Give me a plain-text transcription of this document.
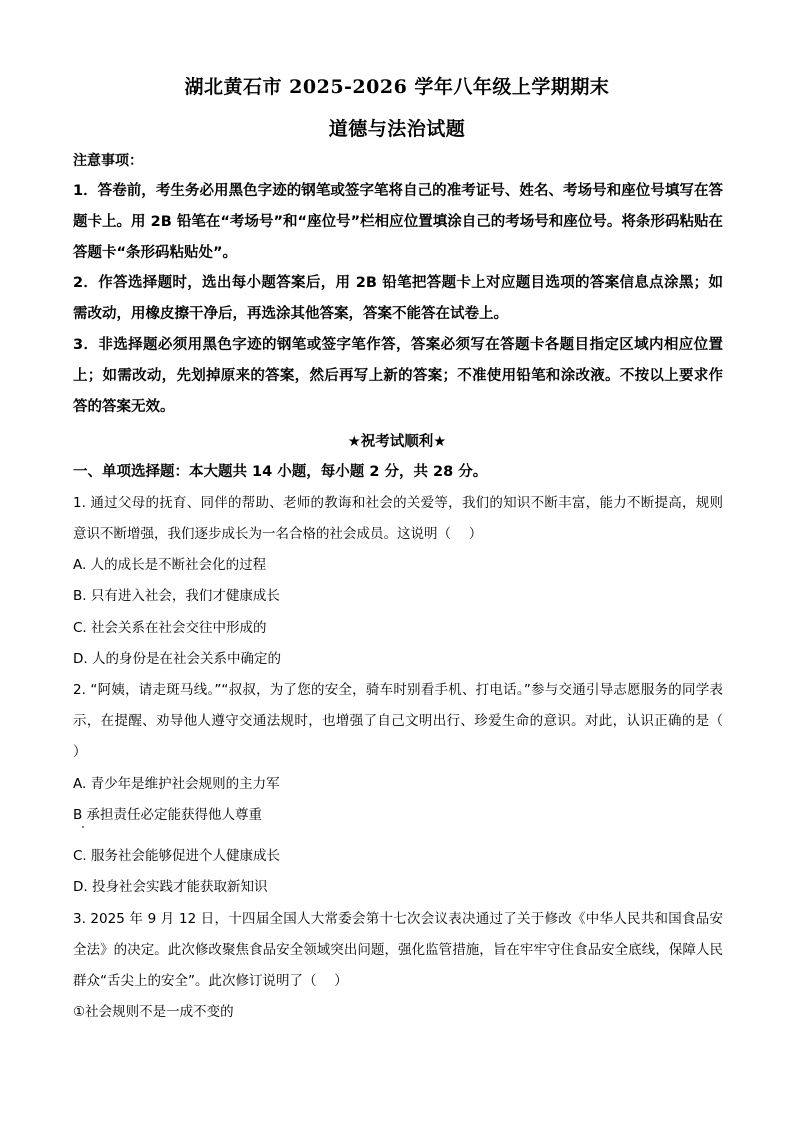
湖北黄石市 2025-2026 学年八年级上学期期末
道德与法治试题
注意事项：
1．答卷前，考生务必用黑色字迹的钢笔或签字笔将自己的准考证号、姓名、考场号和座位号填写在答题卡上。用 2B 铅笔在“考场号”和“座位号”栏相应位置填涂自己的考场号和座位号。将条形码粘贴在答题卡“条形码粘贴处”。
2．作答选择题时，选出每小题答案后，用 2B 铅笔把答题卡上对应题目选项的答案信息点涂黑；如需改动，用橡皮擦干净后，再选涂其他答案，答案不能答在试卷上。
3．非选择题必须用黑色字迹的钢笔或签字笔作答，答案必须写在答题卡各题目指定区域内相应位置上；如需改动，先划掉原来的答案，然后再写上新的答案；不准使用铅笔和涂改液。不按以上要求作答的答案无效。
★祝考试顺利★
一、单项选择题：本大题共 14 小题，每小题 2 分，共 28 分。
1. 通过父母的抚育、同伴的帮助、老师的教诲和社会的关爱等，我们的知识不断丰富，能力不断提高，规则意识不断增强，我们逐步成长为一名合格的社会成员。这说明（　 ）
A. 人的成长是不断社会化的过程
B. 只有进入社会，我们才健康成长
C. 社会关系在社会交往中形成的
D. 人的身份是在社会关系中确定的
2. “阿姨，请走斑马线。”“叔叔，为了您的安全，骑车时别看手机、打电话。”参与交通引导志愿服务的同学表示，在提醒、劝导他人遵守交通法规时，也增强了自己文明出行、珍爱生命的意识。对此，认识正确的是（　 ）
A. 青少年是维护社会规则的主力军
B 承担责任必定能获得他人尊重
C. 服务社会能够促进个人健康成长
D. 投身社会实践才能获取新知识
3. 2025 年 9 月 12 日，十四届全国人大常委会第十七次会议表决通过了关于修改《中华人民共和国食品安全法》的决定。此次修改聚焦食品安全领域突出问题，强化监管措施，旨在牢牢守住食品安全底线，保障人民群众“舌尖上的安全”。此次修订说明了（　 ）
①社会规则不是一成不变的
